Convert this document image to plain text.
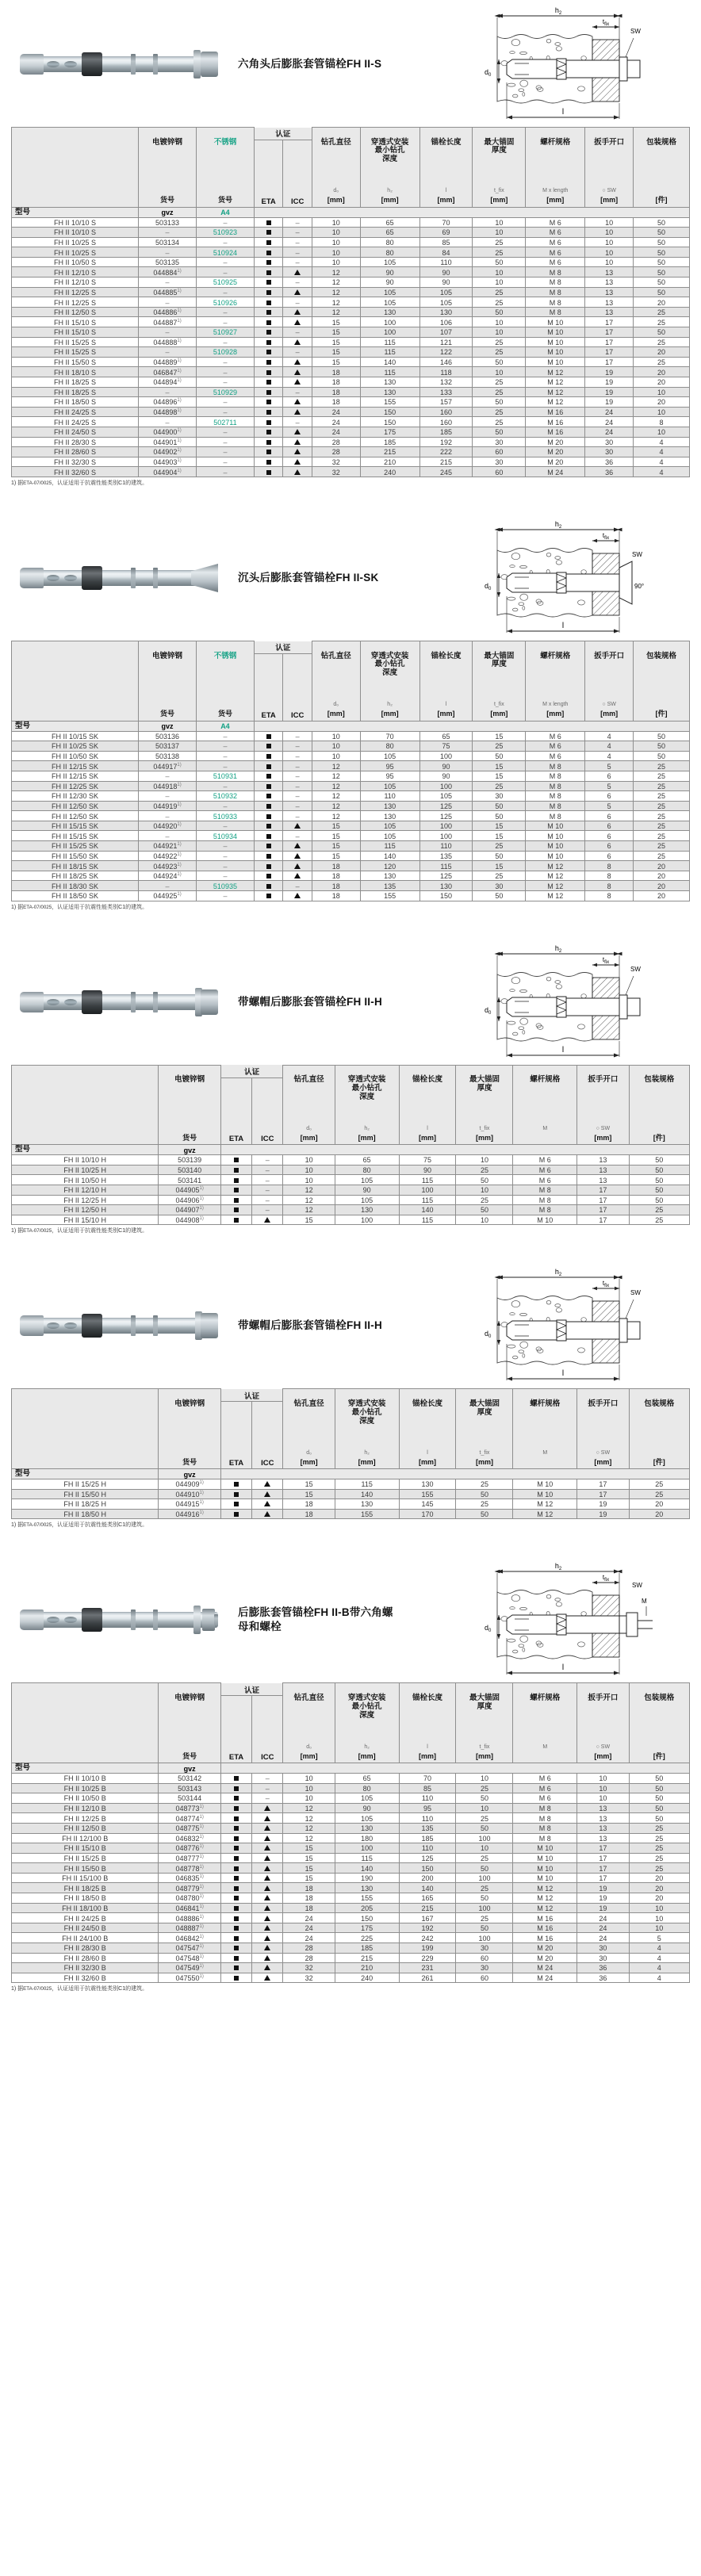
六角头后膨胀套管锚栓FH II-S
$h_2$
$t_{fix}$
$d_0$
SW
l

电镀锌钢

货号

不锈钢

货号

认证

ETA	ICC

钻孔直径
d₀
[mm]

穿透式安装
最小钻孔
深度
h₂
[mm]

锚栓长度
l
[mm]

最大锚固
厚度
t_fix
[mm]

螺杆规格
M x length
[mm]

扳手开口
○ SW
[mm]

包装规格

[件]

型号	gvz	A4	
FH II 10/10 S	503133	–		–	10	65	70	10	M 6	10	50
FH II 10/10 S	–	510923		–	10	65	69	10	M 6	10	50
FH II 10/25 S	503134	–		–	10	80	85	25	M 6	10	50
FH II 10/25 S	–	510924		–	10	80	84	25	M 6	10	50
FH II 10/50 S	503135	–		–	10	105	110	50	M 6	10	50
FH II 12/10 S	044884$^{1)}$	–			12	90	90	10	M 8	13	50
FH II 12/10 S	–	510925		–	12	90	90	10	M 8	13	50
FH II 12/25 S	044885$^{1)}$	–			12	105	105	25	M 8	13	50
FH II 12/25 S	–	510926		–	12	105	105	25	M 8	13	20
FH II 12/50 S	044886$^{1)}$	–			12	130	130	50	M 8	13	25
FH II 15/10 S	044887$^{1)}$	–			15	100	106	10	M 10	17	25
FH II 15/10 S	–	510927		–	15	100	107	10	M 10	17	50
FH II 15/25 S	044888$^{1)}$	–			15	115	121	25	M 10	17	25
FH II 15/25 S	–	510928		–	15	115	122	25	M 10	17	20
FH II 15/50 S	044889$^{1)}$	–			15	140	146	50	M 10	17	25
FH II 18/10 S	046847$^{1)}$	–			18	115	118	10	M 12	19	20
FH II 18/25 S	044894$^{1)}$	–			18	130	132	25	M 12	19	20
FH II 18/25 S	–	510929		–	18	130	133	25	M 12	19	10
FH II 18/50 S	044896$^{1)}$	–			18	155	157	50	M 12	19	20
FH II 24/25 S	044898$^{1)}$	–			24	150	160	25	M 16	24	10
FH II 24/25 S	–	502711		–	24	150	160	25	M 16	24	8
FH II 24/50 S	044900$^{1)}$	–			24	175	185	50	M 16	24	10
FH II 28/30 S	044901$^{1)}$	–			28	185	192	30	M 20	30	4
FH II 28/60 S	044902$^{1)}$	–			28	215	222	60	M 20	30	4
FH II 32/30 S	044903$^{1)}$	–			32	210	215	30	M 20	36	4
FH II 32/60 S	044904$^{1)}$	–			32	240	245	60	M 24	36	4
1) 据ETA-07/0025，认证适用于抗震性能类别C1的建筑。
沉头后膨胀套管锚栓FH II-SK
$h_2$
$t_{fix}$
$d_0$	90°
SW
l

电镀锌钢

货号

不锈钢

货号

认证

ETA	ICC

钻孔直径
d₀
[mm]

穿透式安装
最小钻孔
深度
h₂
[mm]

锚栓长度
l
[mm]

最大锚固
厚度
t_fix
[mm]

螺杆规格
M x length
[mm]

扳手开口
○ SW
[mm]

包装规格

[件]

型号	gvz	A4	
FH II 10/15 SK	503136	–		–	10	70	65	15	M 6	4	50
FH II 10/25 SK	503137	–		–	10	80	75	25	M 6	4	50
FH II 10/50 SK	503138	–		–	10	105	100	50	M 6	4	50
FH II 12/15 SK	044917$^{1)}$	–		–	12	95	90	15	M 8	5	25
FH II 12/15 SK	–	510931		–	12	95	90	15	M 8	6	25
FH II 12/25 SK	044918$^{1)}$	–		–	12	105	100	25	M 8	5	25
FH II 12/30 SK	–	510932		–	12	110	105	30	M 8	6	25
FH II 12/50 SK	044919$^{1)}$	–		–	12	130	125	50	M 8	5	25
FH II 12/50 SK	–	510933		–	12	130	125	50	M 8	6	25
FH II 15/15 SK	044920$^{1)}$	–			15	105	100	15	M 10	6	25
FH II 15/15 SK	–	510934		–	15	105	100	15	M 10	6	25
FH II 15/25 SK	044921$^{1)}$	–			15	115	110	25	M 10	6	25
FH II 15/50 SK	044922$^{1)}$	–			15	140	135	50	M 10	6	25
FH II 18/15 SK	044923$^{1)}$	–			18	120	115	15	M 12	8	20
FH II 18/25 SK	044924$^{1)}$	–			18	130	125	25	M 12	8	20
FH II 18/30 SK	–	510935		–	18	135	130	30	M 12	8	20
FH II 18/50 SK	044925$^{1)}$	–			18	155	150	50	M 12	8	20
1) 据ETA-07/0025，认证适用于抗震性能类别C1的建筑。
带螺帽后膨胀套管锚栓FH II-H
$h_2$
$t_{fix}$
$d_0$
SW
l

电镀锌钢

货号

认证

ETA	ICC

钻孔直径
d₀
[mm]

穿透式安装
最小钻孔
深度
h₂
[mm]

锚栓长度
l
[mm]

最大锚固
厚度
t_fix
[mm]

螺杆规格
M

扳手开口
○ SW
[mm]

包装规格

[件]

型号	gvz	
FH II 10/10 H	503139		–	10	65	75	10	M 6	13	50
FH II 10/25 H	503140		–	10	80	90	25	M 6	13	50
FH II 10/50 H	503141		–	10	105	115	50	M 6	13	50
FH II 12/10 H	044905$^{1)}$		–	12	90	100	10	M 8	17	50
FH II 12/25 H	044906$^{1)}$		–	12	105	115	25	M 8	17	50
FH II 12/50 H	044907$^{1)}$		–	12	130	140	50	M 8	17	25
FH II 15/10 H	044908$^{1)}$			15	100	115	10	M 10	17	25
1) 据ETA-07/0025，认证适用于抗震性能类别C1的建筑。
带螺帽后膨胀套管锚栓FH II-H
$h_2$
$t_{fix}$
$d_0$
SW
l

电镀锌钢

货号

认证

ETA	ICC

钻孔直径
d₀
[mm]

穿透式安装
最小钻孔
深度
h₂
[mm]

锚栓长度
l
[mm]

最大锚固
厚度
t_fix
[mm]

螺杆规格
M

扳手开口
○ SW
[mm]

包装规格

[件]

型号	gvz	
FH II 15/25 H	044909$^{1)}$			15	115	130	25	M 10	17	25
FH II 15/50 H	044910$^{1)}$			15	140	155	50	M 10	17	25
FH II 18/25 H	044915$^{1)}$			18	130	145	25	M 12	19	20
FH II 18/50 H	044916$^{1)}$			18	155	170	50	M 12	19	20
1) 据ETA-07/0025，认证适用于抗震性能类别C1的建筑。
后膨胀套管锚栓FH II-B带六角螺
母和螺栓
$h_2$
$t_{fix}$
$d_0$
SW
M
l

电镀锌钢

货号

认证

ETA	ICC

钻孔直径
d₀
[mm]

穿透式安装
最小钻孔
深度
h₂
[mm]

锚栓长度
l
[mm]

最大锚固
厚度
t_fix
[mm]

螺杆规格
M

扳手开口
○ SW
[mm]

包装规格

[件]

型号	gvz	
FH II 10/10 B	503142		–	10	65	70	10	M 6	10	50
FH II 10/25 B	503143		–	10	80	85	25	M 6	10	50
FH II 10/50 B	503144		–	10	105	110	50	M 6	10	50
FH II 12/10 B	048773$^{1)}$			12	90	95	10	M 8	13	50
FH II 12/25 B	048774$^{1)}$			12	105	110	25	M 8	13	50
FH II 12/50 B	048775$^{1)}$			12	130	135	50	M 8	13	25
FH II 12/100 B	046832$^{1)}$			12	180	185	100	M 8	13	25
FH II 15/10 B	048776$^{1)}$			15	100	110	10	M 10	17	25
FH II 15/25 B	048777$^{1)}$			15	115	125	25	M 10	17	25
FH II 15/50 B	048778$^{1)}$			15	140	150	50	M 10	17	25
FH II 15/100 B	046835$^{1)}$			15	190	200	100	M 10	17	20
FH II 18/25 B	048779$^{1)}$			18	130	140	25	M 12	19	20
FH II 18/50 B	048780$^{1)}$			18	155	165	50	M 12	19	20
FH II 18/100 B	046841$^{1)}$			18	205	215	100	M 12	19	10
FH II 24/25 B	048886$^{1)}$			24	150	167	25	M 16	24	10
FH II 24/50 B	048887$^{1)}$			24	175	192	50	M 16	24	10
FH II 24/100 B	046842$^{1)}$			24	225	242	100	M 16	24	5
FH II 28/30 B	047547$^{1)}$			28	185	199	30	M 20	30	4
FH II 28/60 B	047548$^{1)}$			28	215	229	60	M 20	30	4
FH II 32/30 B	047549$^{1)}$			32	210	231	30	M 24	36	4
FH II 32/60 B	047550$^{1)}$			32	240	261	60	M 24	36	4
1) 据ETA-07/0025，认证适用于抗震性能类别C1的建筑。
